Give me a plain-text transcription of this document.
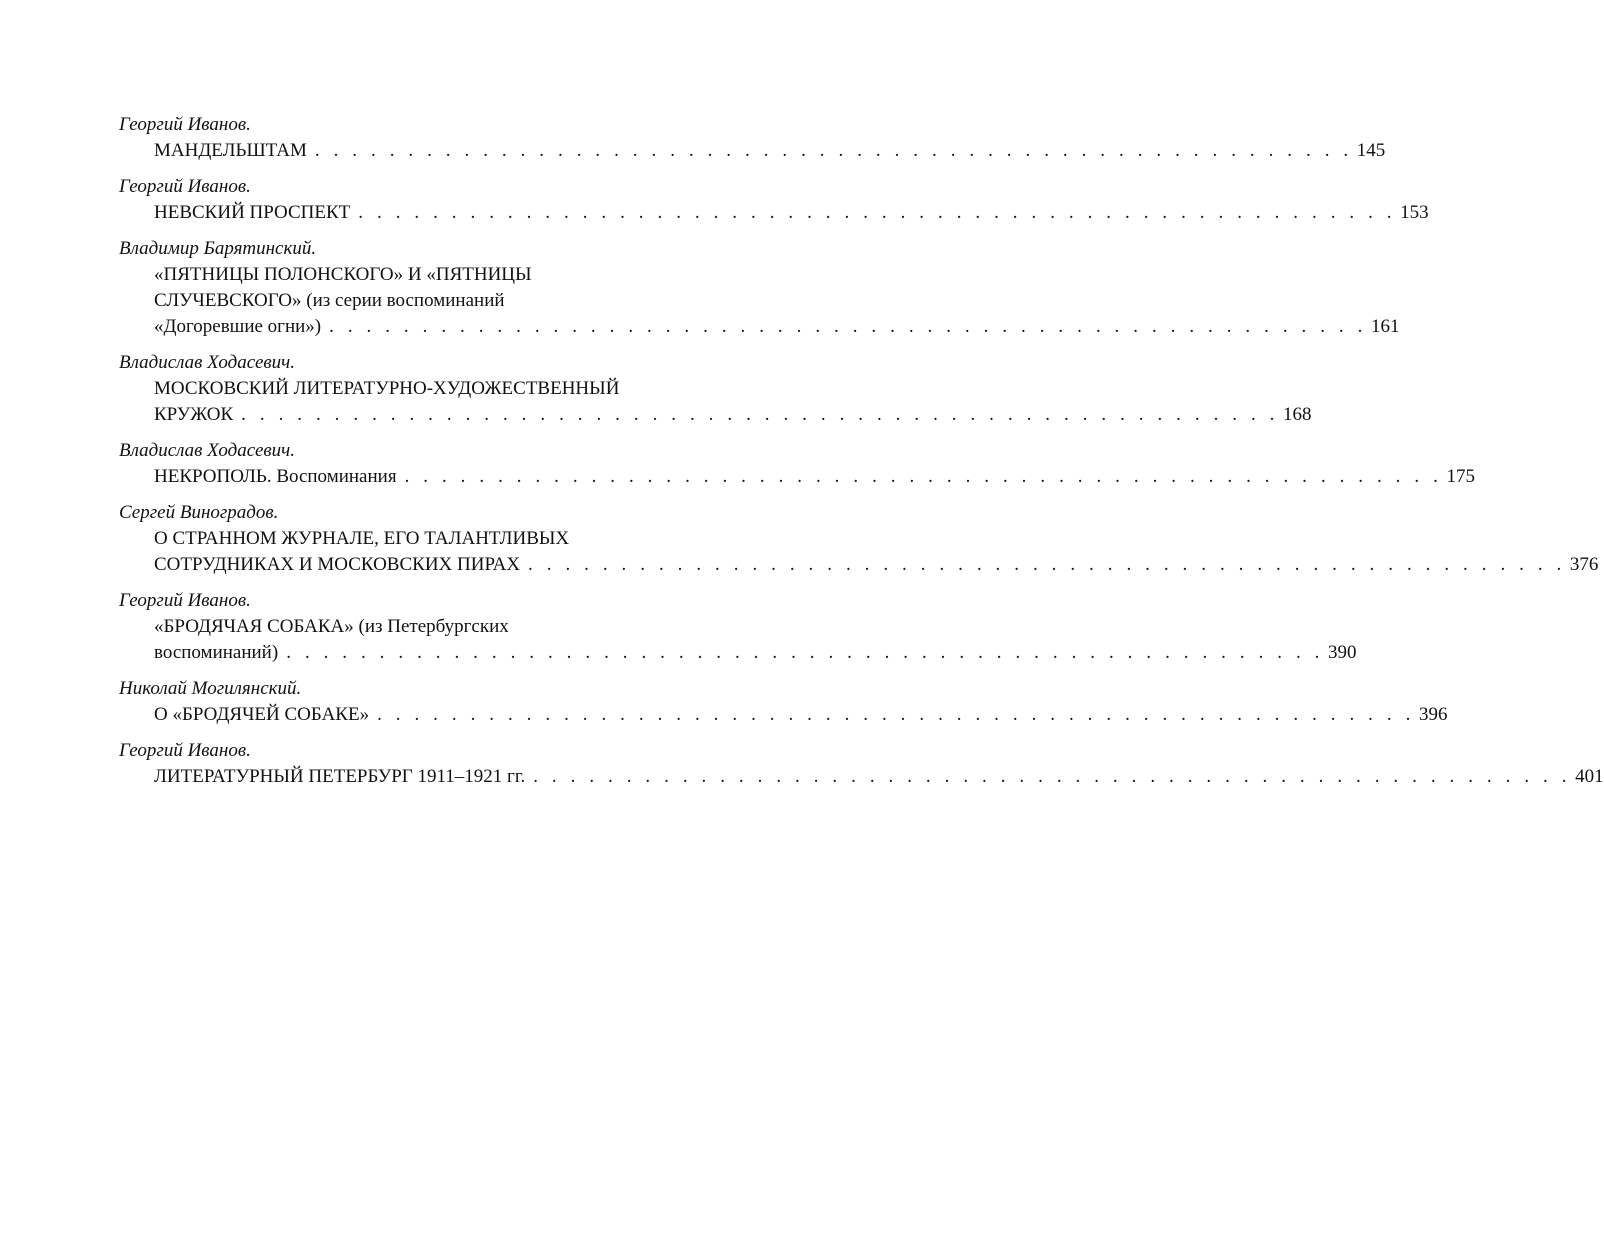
Георгий Иванов.
МАНДЕЛЬШТАМ . . . . . . . . . . . . . . . . . . . . . . . . . . . . . . . . . . . . . . . . . . . . . . . . . . . . . . . . 145
Георгий Иванов.
НЕВСКИЙ ПРОСПЕКТ . . . . . . . . . . . . . . . . . . . . . . . . . . . . . . . . . . . . . . . . . . . . . . . . . . . . . . . . 153
Владимир Барятинский.
«ПЯТНИЦЫ ПОЛОНСКОГО» И «ПЯТНИЦЫ
СЛУЧЕВСКОГО» (из серии воспоминаний
«Догоревшие огни») . . . . . . . . . . . . . . . . . . . . . . . . . . . . . . . . . . . . . . . . . . . . . . . . . . . . . . . . 161
Владислав Ходасевич.
МОСКОВСКИЙ ЛИТЕРАТУРНО-ХУДОЖЕСТВЕННЫЙ
КРУЖОК . . . . . . . . . . . . . . . . . . . . . . . . . . . . . . . . . . . . . . . . . . . . . . . . . . . . . . . . 168
Владислав Ходасевич.
НЕКРОПОЛЬ. Воспоминания . . . . . . . . . . . . . . . . . . . . . . . . . . . . . . . . . . . . . . . . . . . . . . . . . . . . . . . . 175
Сергей Виноградов.
О СТРАННОМ ЖУРНАЛЕ, ЕГО ТАЛАНТЛИВЫХ
СОТРУДНИКАХ И МОСКОВСКИХ ПИРАХ . . . . . . . . . . . . . . . . . . . . . . . . . . . . . . . . . . . . . . . . . . . . . . . . . . . . . . . . 376
Георгий Иванов.
«БРОДЯЧАЯ СОБАКА» (из Петербургских
воспоминаний) . . . . . . . . . . . . . . . . . . . . . . . . . . . . . . . . . . . . . . . . . . . . . . . . . . . . . . . . 390
Николай Могилянский.
О «БРОДЯЧЕЙ СОБАКЕ» . . . . . . . . . . . . . . . . . . . . . . . . . . . . . . . . . . . . . . . . . . . . . . . . . . . . . . . . 396
Георгий Иванов.
ЛИТЕРАТУРНЫЙ ПЕТЕРБУРГ 1911–1921 гг. . . . . . . . . . . . . . . . . . . . . . . . . . . . . . . . . . . . . . . . . . . . . . . . . . . . . . . . . 401
